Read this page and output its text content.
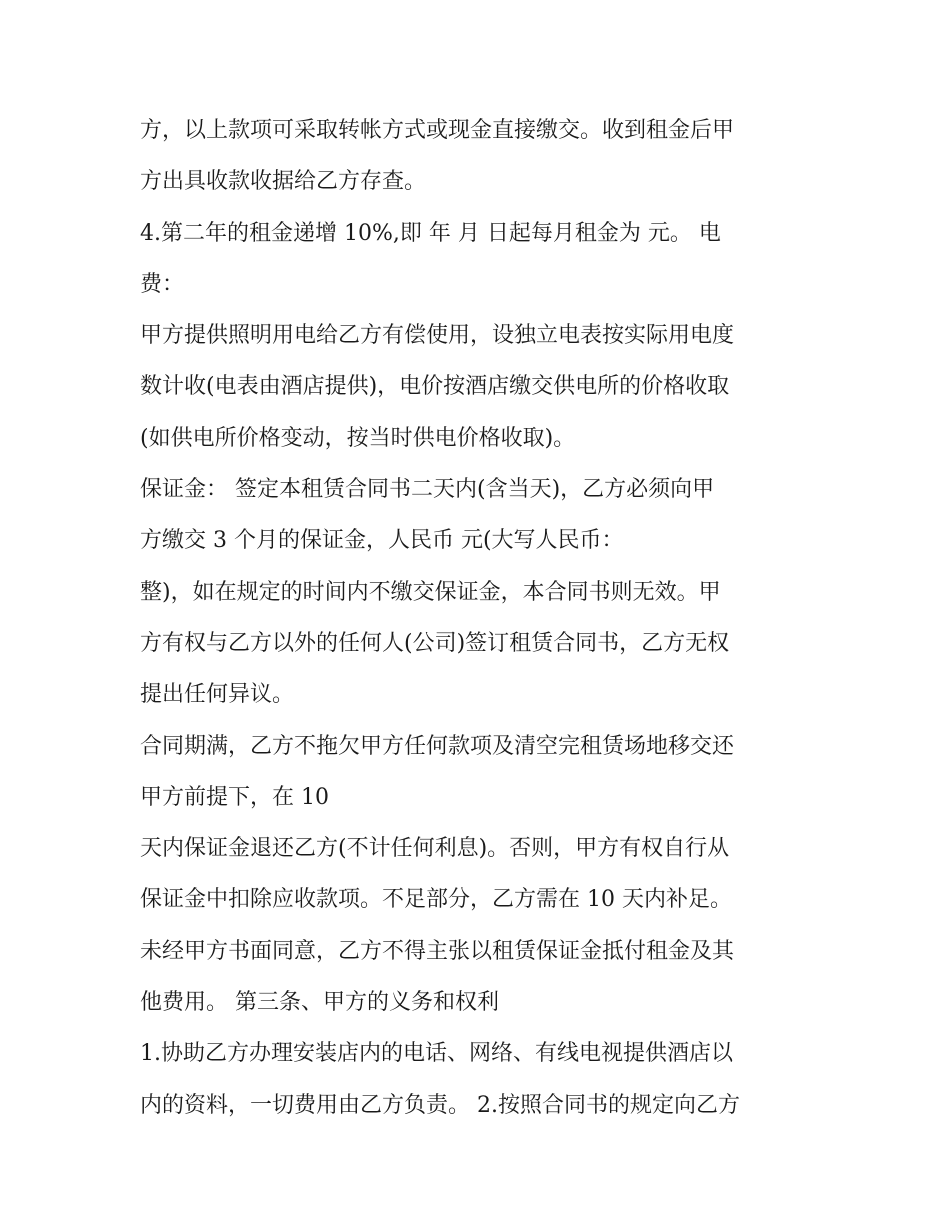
方，以上款项可采取转帐方式或现金直接缴交。收到租金后甲
方出具收款收据给乙方存查。
4.第二年的租金递增 10%,即 年 月 日起每月租金为 元。 电
费：
甲方提供照明用电给乙方有偿使用，设独立电表按实际用电度
数计收(电表由酒店提供)，电价按酒店缴交供电所的价格收取
(如供电所价格变动，按当时供电价格收取)。
保证金： 签定本租赁合同书二天内(含当天)，乙方必须向甲
方缴交 3 个月的保证金，人民币 元(大写人民币：
整)，如在规定的时间内不缴交保证金，本合同书则无效。甲
方有权与乙方以外的任何人(公司)签订租赁合同书，乙方无权
提出任何异议。
合同期满，乙方不拖欠甲方任何款项及清空完租赁场地移交还
甲方前提下，在 10
天内保证金退还乙方(不计任何利息)。否则，甲方有权自行从
保证金中扣除应收款项。不足部分，乙方需在 10 天内补足。
未经甲方书面同意，乙方不得主张以租赁保证金抵付租金及其
他费用。 第三条、甲方的义务和权利
1.协助乙方办理安装店内的电话、网络、有线电视提供酒店以
内的资料，一切费用由乙方负责。 2.按照合同书的规定向乙方
